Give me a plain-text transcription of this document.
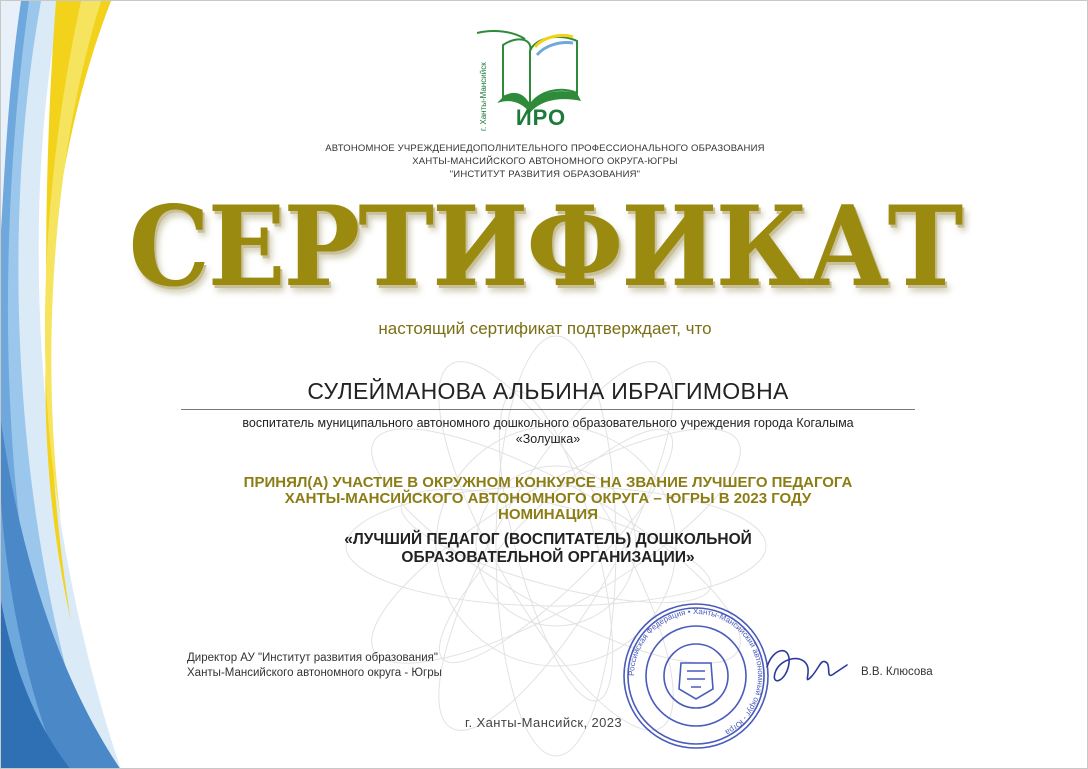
г. Ханты-Мансийск	ИРО
АВТОНОМНОЕ УЧРЕЖДЕНИЕДОПОЛНИТЕЛЬНОГО ПРОФЕССИОНАЛЬНОГО ОБРАЗОВАНИЯ
ХАНТЫ-МАНСИЙСКОГО АВТОНОМНОГО ОКРУГА-ЮГРЫ
"ИНСТИТУТ РАЗВИТИЯ ОБРАЗОВАНИЯ"
СЕРТИФИКАТ
настоящий сертификат подтверждает, что
СУЛЕЙМАНОВА АЛЬБИНА ИБРАГИМОВНА
воспитатель муниципального автономного дошкольного образовательного учреждения города Когалыма
«Золушка»
ПРИНЯЛ(А) УЧАСТИЕ В ОКРУЖНОМ КОНКУРСЕ НА ЗВАНИЕ ЛУЧШЕГО ПЕДАГОГА
ХАНТЫ-МАНСИЙСКОГО АВТОНОМНОГО ОКРУГА – ЮГРЫ В 2023 ГОДУ
НОМИНАЦИЯ
«ЛУЧШИЙ ПЕДАГОГ (ВОСПИТАТЕЛЬ) ДОШКОЛЬНОЙ
ОБРАЗОВАТЕЛЬНОЙ ОРГАНИЗАЦИИ»
Директор АУ "Институт развития образования"
Ханты-Мансийского автономного округа - Югры	Российская Федерация • Ханты-Мансийский автономный округ - Югра
В.В. Клюсова
г. Ханты-Мансийск, 2023
